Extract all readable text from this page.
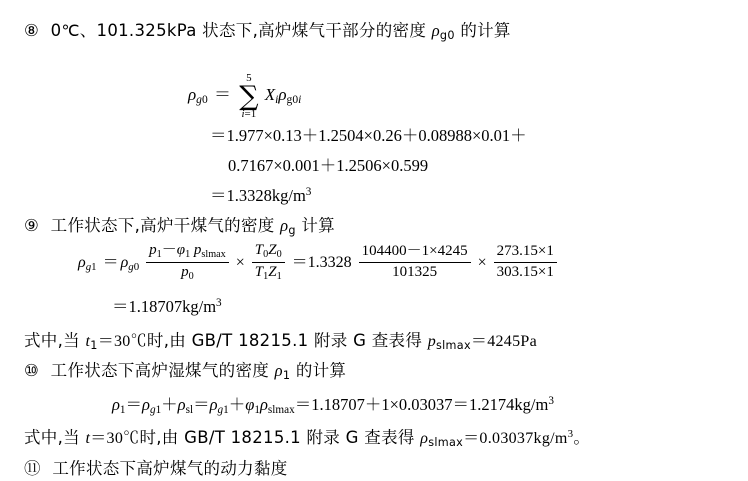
⑧ 0℃、101.325kPa 状态下,高炉煤气干部分的密度 $\rho_{g0}$ 的计算
$\rho g_0$ ＝
5
∑
i=1
Xiρ$_{g0}$i
＝1.977×0.13＋1.2504×0.26＋0.08988×0.01＋
0.7167×0.001＋1.2506×0.599
$=1.3328kg/m^3$
⑨ 工作状态下,高炉干煤气的密度 $\rho_g$ 计算
$\rho g_1 = \rho g_0 \frac{p_1-\varphi_1 p_{slmax}}{p_0} \times \frac{T_0Z_0}{T_1Z_1} =1.3328 \frac{104400-1\times 4245}{101325} \times \frac{273.15\times 1}{303.15\times 1}$
$=1.18707kg/m^3$
式中,当 $t_1=30℃$时,由 GB/T 18215.1 附录 G 查表得 $p_{slmax}=4245Pa$
⑩ 工作状态下高炉湿煤气的密度 $\rho_1$ 的计算
$\rho_1=\rho g_1+\rho_{sl}=\rho g_1+\varphi_1\rho_{slmax}=1.18707+1\times 0.03037=1.2174kg/m^3$
式中,当 t＝30℃时,由 GB/T 18215.1 附录 G 查表得 $\rho_{slmax}=0.03037kg/m^3$。
⑪ 工作状态下高炉煤气的动力黏度
